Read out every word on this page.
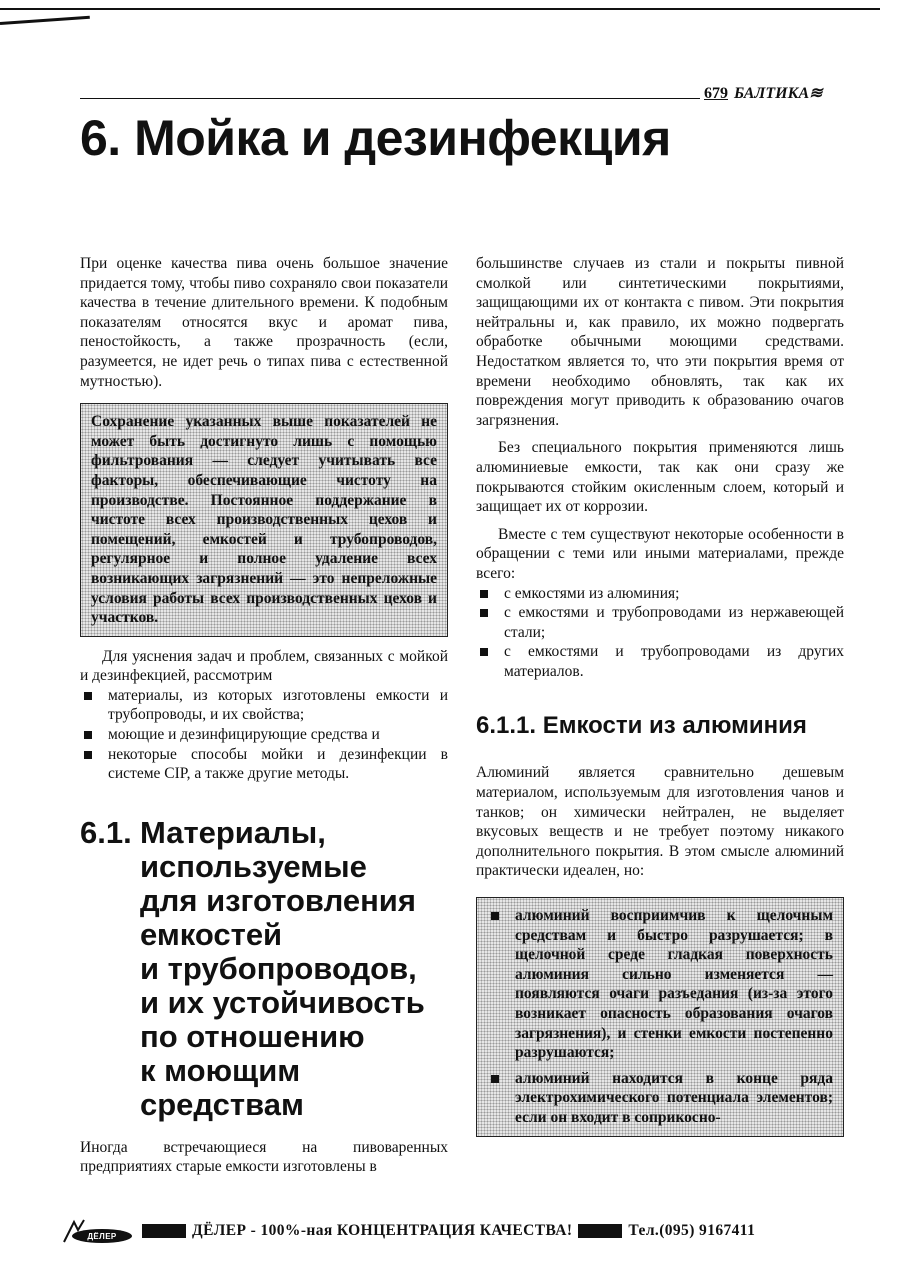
679 БАЛТИКА≋
6. Мойка и дезинфекция

При оценке качества пива очень большое значение придается тому, чтобы пиво сохраняло свои показатели качества в течение длительного времени. К подобным показателям относятся вкус и аромат пива, пеностойкость, а также прозрачность (если, разумеется, не идет речь о типах пива с естественной мутностью).

Сохранение указанных выше показателей не может быть достигнуто лишь с помощью фильтрования — следует учитывать все факторы, обеспечивающие чистоту на производстве. Постоянное поддержание в чистоте всех производственных цехов и помещений, емкостей и трубопроводов, регулярное и полное удаление всех возникающих загрязнений — это непреложные условия работы всех производственных цехов и участков.

Для уяснения задач и проблем, связанных с мойкой и дезинфекцией, рассмотрим

материалы, из которых изготовлены емкости и трубопроводы, и их свойства;
моющие и дезинфицирующие средства и
некоторые способы мойки и дезинфекции в системе CIP, а также другие методы.
6.1. Материалы,
используемые
для изготовления
емкостей
и трубопроводов,
и их устойчивость
по отношению
к моющим
средствам

Иногда встречающиеся на пивоваренных предприятиях старые емкости изготовлены в

большинстве случаев из стали и покрыты пивной смолкой или синтетическими покрытиями, защищающими их от контакта с пивом. Эти покрытия нейтральны и, как правило, их можно подвергать обработке обычными моющими средствами. Недостатком является то, что эти покрытия время от времени необходимо обновлять, так как их повреждения могут приводить к образованию очагов загрязнения.

Без специального покрытия применяются лишь алюминиевые емкости, так как они сразу же покрываются стойким окисленным слоем, который и защищает их от коррозии.

Вместе с тем существуют некоторые особенности в обращении с теми или иными материалами, прежде всего:

с емкостями из алюминия;
с емкостями и трубопроводами из нержавеющей стали;
с емкостями и трубопроводами из других материалов.
6.1.1. Емкости из алюминия

Алюминий является сравнительно дешевым материалом, используемым для изготовления чанов и танков; он химически нейтрален, не выделяет вкусовых веществ и не требует поэтому никакого дополнительного покрытия. В этом смысле алюминий практически идеален, но:

алюминий восприимчив к щелочным средствам и быстро разрушается; в щелочной среде гладкая поверхность алюминия сильно изменяется — появляются очаги разъедания (из-за этого возникает опасность образования очагов загрязнения), и стенки емкости постепенно разрушаются;
алюминий находится в конце ряда электрохимического потенциала элементов; если он входит в соприкосно-
ДЁЛЕР	ДЁЛЕР - 100%-ная КОНЦЕНТРАЦИЯ КАЧЕСТВА!	Тел.(095) 9167411
